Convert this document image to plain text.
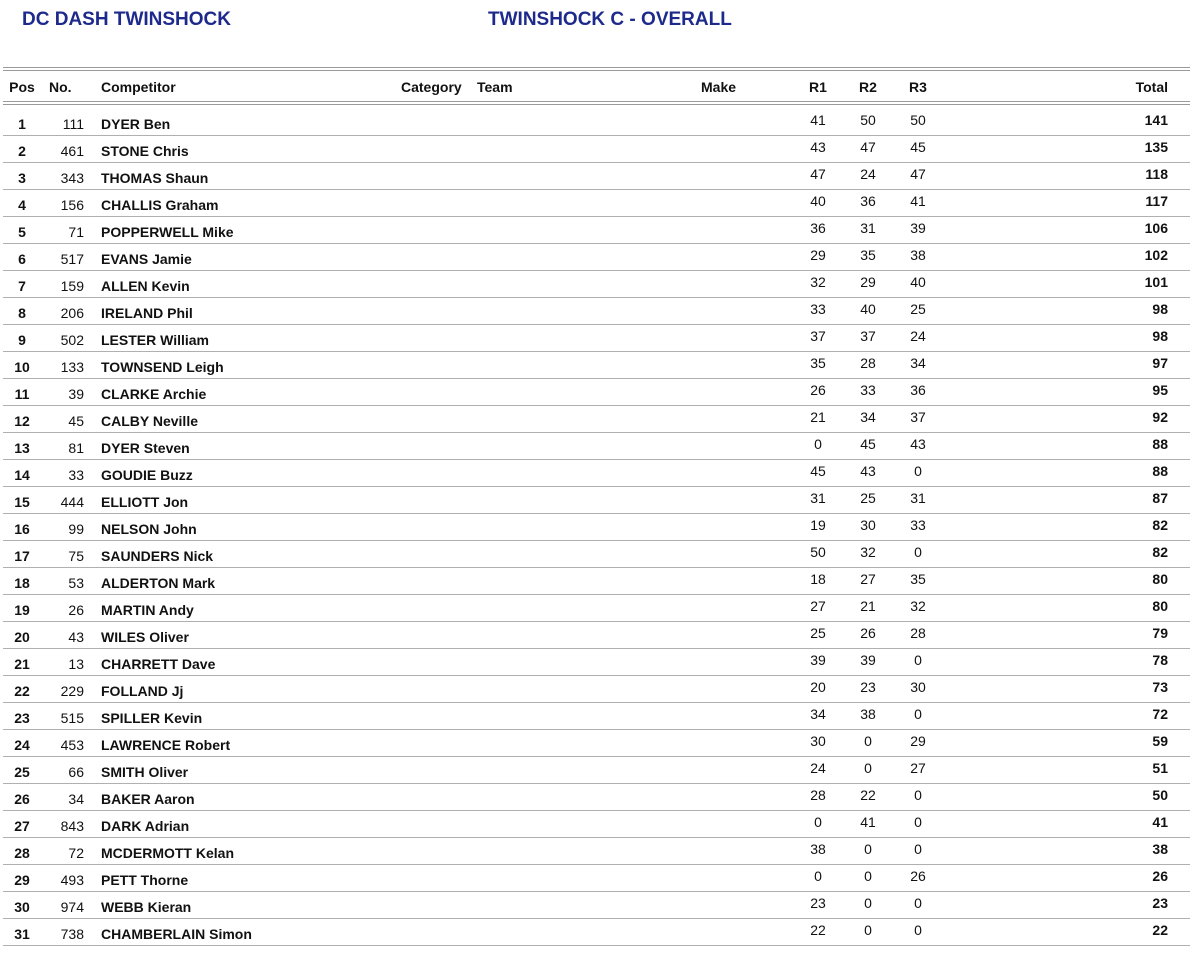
DC DASH TWINSHOCK	TWINSHOCK C - OVERALL
Pos	No.		Competitor	Category	Team	Make	R1	R2	R3	Total

1	111		DYER Ben				41	50	50	141

2	461		STONE Chris				43	47	45	135

3	343		THOMAS Shaun				47	24	47	118

4	156		CHALLIS Graham				40	36	41	117

5	71		POPPERWELL Mike				36	31	39	106

6	517		EVANS Jamie				29	35	38	102

7	159		ALLEN Kevin				32	29	40	101

8	206		IRELAND Phil				33	40	25	98

9	502		LESTER William				37	37	24	98

10	133		TOWNSEND Leigh				35	28	34	97

11	39		CLARKE Archie				26	33	36	95

12	45		CALBY Neville				21	34	37	92

13	81		DYER Steven				0	45	43	88

14	33		GOUDIE Buzz				45	43	0	88

15	444		ELLIOTT Jon				31	25	31	87

16	99		NELSON John				19	30	33	82

17	75		SAUNDERS Nick				50	32	0	82

18	53		ALDERTON Mark				18	27	35	80

19	26		MARTIN Andy				27	21	32	80

20	43		WILES Oliver				25	26	28	79

21	13		CHARRETT Dave				39	39	0	78

22	229		FOLLAND Jj				20	23	30	73

23	515		SPILLER Kevin				34	38	0	72

24	453		LAWRENCE Robert				30	0	29	59

25	66		SMITH Oliver				24	0	27	51

26	34		BAKER Aaron				28	22	0	50

27	843		DARK Adrian				0	41	0	41

28	72		MCDERMOTT Kelan				38	0	0	38

29	493		PETT Thorne				0	0	26	26

30	974		WEBB Kieran				23	0	0	23

31	738		CHAMBERLAIN Simon				22	0	0	22
